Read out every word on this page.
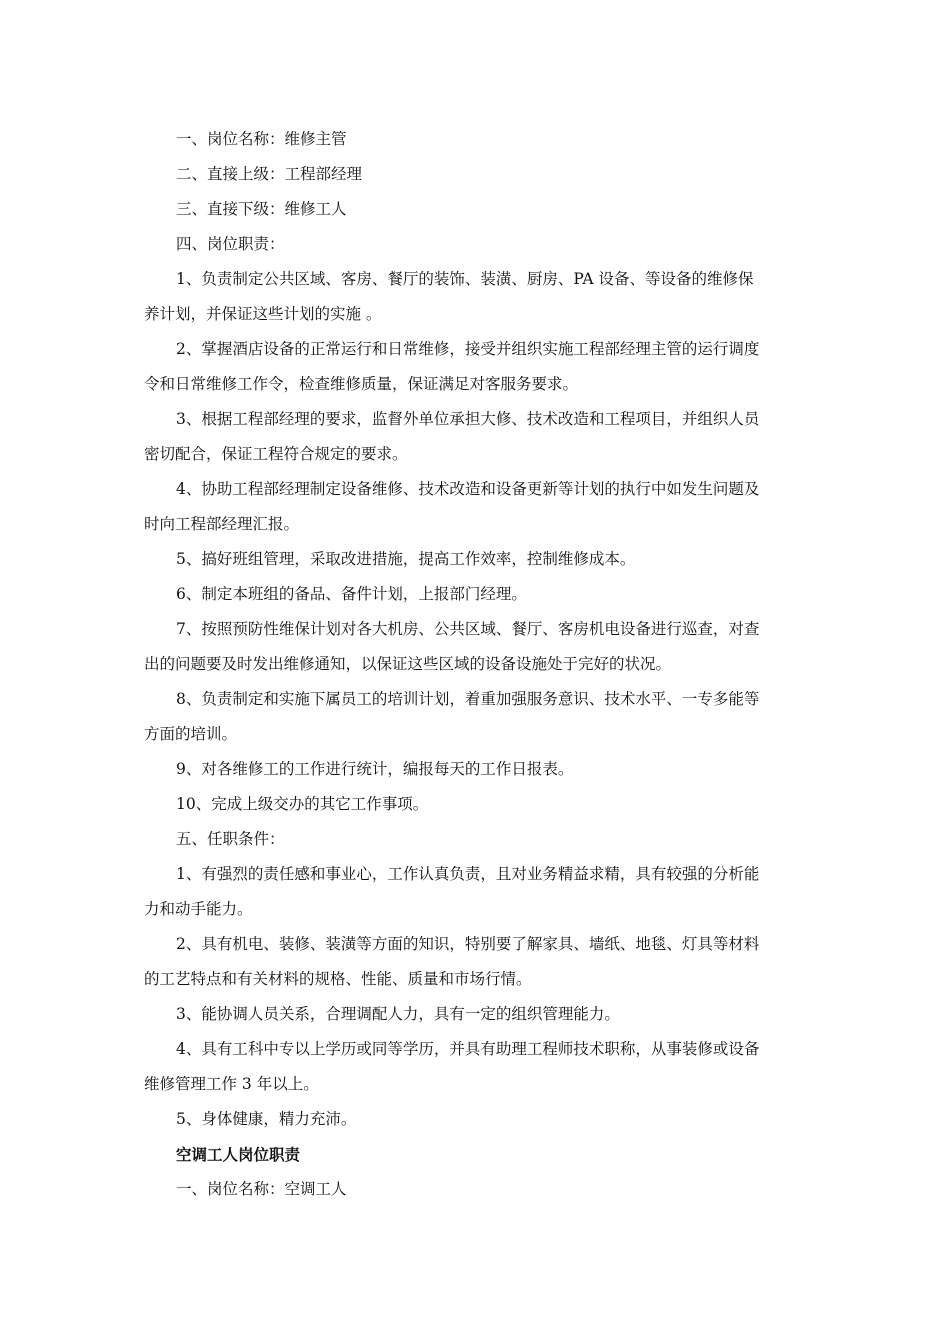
一、岗位名称：维修主管
二、直接上级：工程部经理
三、直接下级：维修工人
四、岗位职责：
1、负责制定公共区域、客房、餐厅的装饰、装潢、厨房、PA 设备、等设备的维修保
养计划，并保证这些计划的实施 。
2、掌握酒店设备的正常运行和日常维修，接受并组织实施工程部经理主管的运行调度
令和日常维修工作令，检查维修质量，保证满足对客服务要求。
3、根据工程部经理的要求，监督外单位承担大修、技术改造和工程项目，并组织人员
密切配合，保证工程符合规定的要求。
4、协助工程部经理制定设备维修、技术改造和设备更新等计划的执行中如发生问题及
时向工程部经理汇报。
5、搞好班组管理，采取改进措施，提高工作效率，控制维修成本。
6、制定本班组的备品、备件计划，上报部门经理。
7、按照预防性维保计划对各大机房、公共区域、餐厅、客房机电设备进行巡查，对查
出的问题要及时发出维修通知，以保证这些区域的设备设施处于完好的状况。
8、负责制定和实施下属员工的培训计划，着重加强服务意识、技术水平、一专多能等
方面的培训。
9、对各维修工的工作进行统计，编报每天的工作日报表。
10、完成上级交办的其它工作事项。
五、任职条件：
1、有强烈的责任感和事业心，工作认真负责，且对业务精益求精，具有较强的分析能
力和动手能力。
2、具有机电、装修、装潢等方面的知识，特别要了解家具、墙纸、地毯、灯具等材料
的工艺特点和有关材料的规格、性能、质量和市场行情。
3、能协调人员关系，合理调配人力，具有一定的组织管理能力。
4、具有工科中专以上学历或同等学历，并具有助理工程师技术职称，从事装修或设备
维修管理工作 3 年以上。
5、身体健康，精力充沛。
空调工人岗位职责
一、岗位名称：空调工人
